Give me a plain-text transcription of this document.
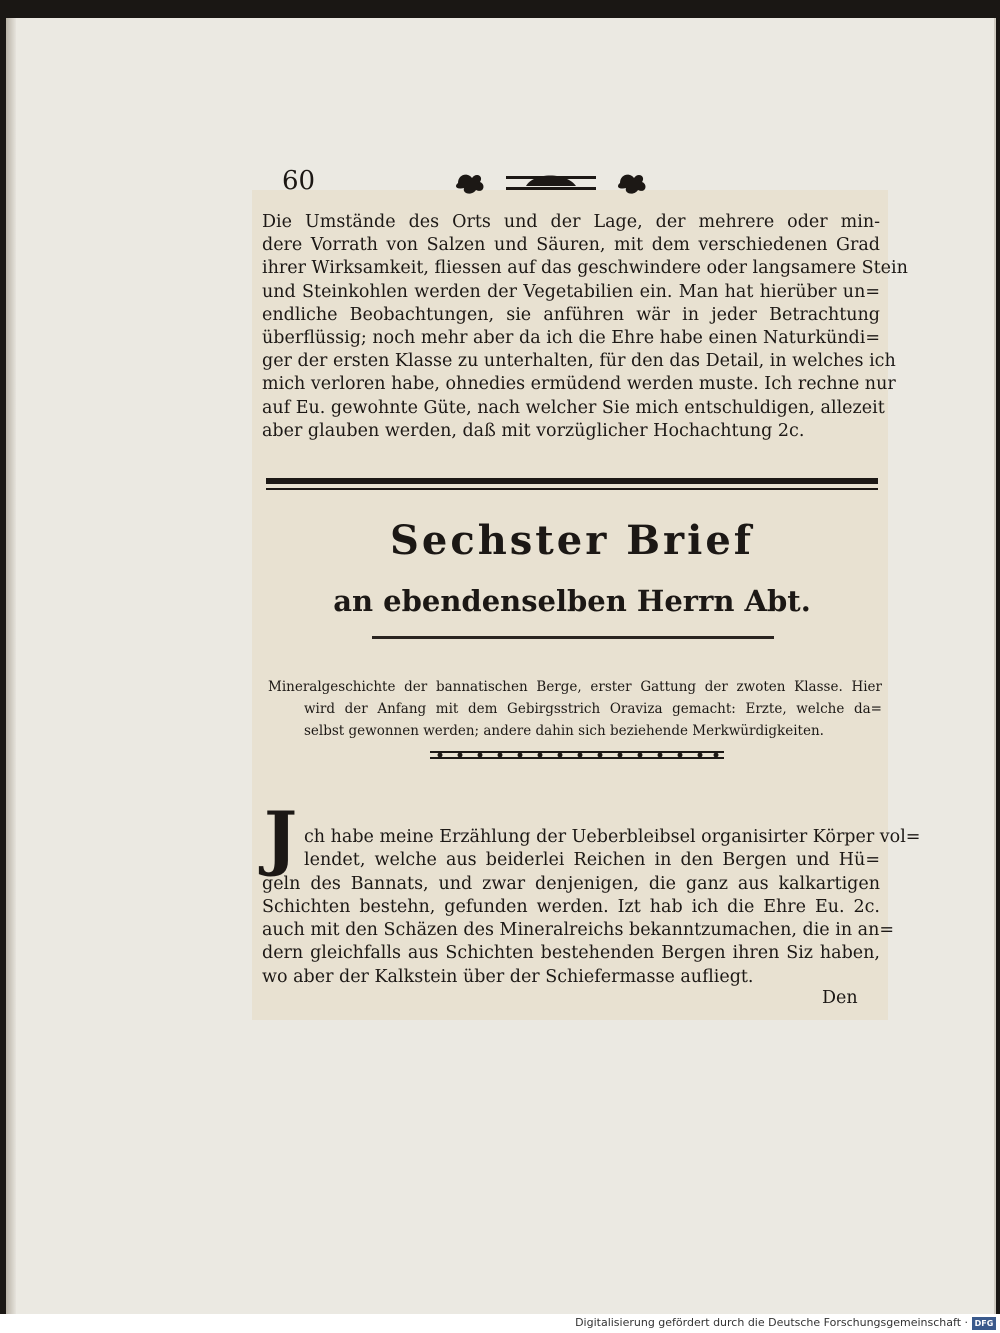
60
Die Umstände des Orts und der Lage, der mehrere oder min-
dere Vorrath von Salzen und Säuren, mit dem verschiedenen Grad
ihrer Wirksamkeit, fliessen auf das geschwindere oder langsamere Stein
und Steinkohlen werden der Vegetabilien ein. Man hat hierüber un=
endliche Beobachtungen, sie anführen wär in jeder Betrachtung
überflüssig; noch mehr aber da ich die Ehre habe einen Naturkündi=
ger der ersten Klasse zu unterhalten, für den das Detail, in welches ich
mich verloren habe, ohnedies ermüdend werden muste. Ich rechne nur
auf Eu. gewohnte Güte, nach welcher Sie mich entschuldigen, allezeit
aber glauben werden, daß mit vorzüglicher Hochachtung 2c.
Sechster Brief
an ebendenselben Herrn Abt.
Mineralgeschichte der bannatischen Berge, erster Gattung der zwoten Klasse. Hier
wird der Anfang mit dem Gebirgsstrich Oraviza gemacht: Erzte, welche da=
selbst gewonnen werden; andere dahin sich beziehende Merkwürdigkeiten.
J ch habe meine Erzählung der Ueberbleibsel organisirter Körper vol=
lendet, welche aus beiderlei Reichen in den Bergen und Hü=
geln des Bannats, und zwar denjenigen, die ganz aus kalkartigen
Schichten bestehn, gefunden werden. Izt hab ich die Ehre Eu. 2c.
auch mit den Schäzen des Mineralreichs bekanntzumachen, die in an=
dern gleichfalls aus Schichten bestehenden Bergen ihren Siz haben,
wo aber der Kalkstein über der Schiefermasse aufliegt.
Den
Digitalisierung gefördert durch die Deutsche Forschungsgemeinschaft · DFG
